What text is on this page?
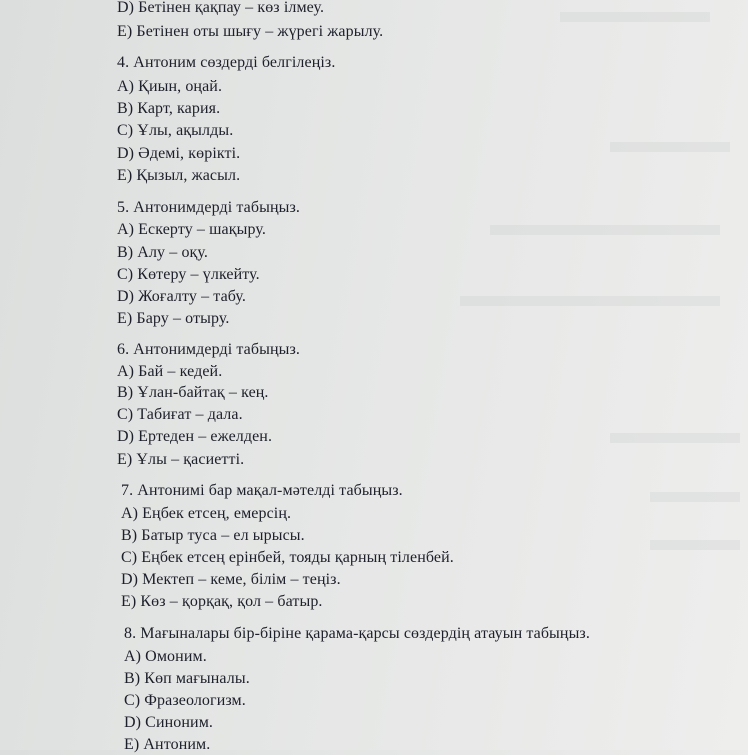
D) Бетінен қақпау – көз ілмеу.
E) Бетінен оты шығу – жүрегі жарылу.
4. Антоним сөздерді белгілеңіз.
A) Қиын, оңай.
B) Карт, кария.
C) Ұлы, ақылды.
D) Әдемі, көрікті.
E) Қызыл, жасыл.
5. Антонимдерді табыңыз.
A) Ескерту – шақыру.
B) Алу – оқу.
C) Көтеру – үлкейту.
D) Жоғалту – табу.
E) Бару – отыру.
6. Антонимдерді табыңыз.
A) Бай – кедей.
B) Ұлан-байтақ – кең.
C) Табиғат – дала.
D) Ертеден – ежелден.
E) Ұлы – қасиетті.
7. Антонимі бар мақал-мәтелді табыңыз.
A) Еңбек етсең, емерсің.
B) Батыр туса – ел ырысы.
C) Еңбек етсең ерінбей, тояды қарның тіленбей.
D) Мектеп – кеме, білім – теңіз.
E) Көз – қорқақ, қол – батыр.
8. Мағыналары бір-біріне қарама-қарсы сөздердің атауын табыңыз.
A) Омоним.
B) Көп мағыналы.
C) Фразеологизм.
D) Синоним.
E) Антоним.
